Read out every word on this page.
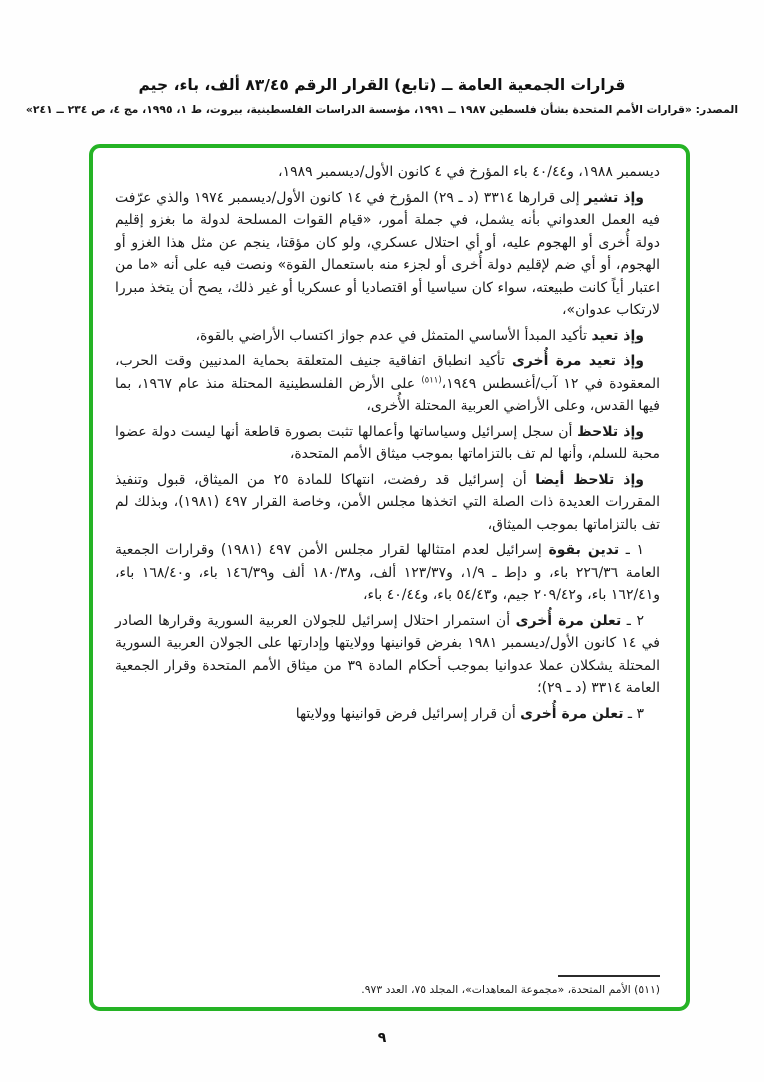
قرارات الجمعية العامة ــ (تابع) القرار الرقم ٨٣/٤٥ ألف، باء، جيم
المصدر: «قرارات الأمم المتحدة بشأن فلسطين ١٩٨٧ ــ ١٩٩١، مؤسسة الدراسات الفلسطينية، بيروت، ط ١، ١٩٩٥، مج ٤، ص ٢٣٤ ــ ٢٤١»

ديسمبر ١٩٨٨، و٤٠/٤٤ باء المؤرخ في ٤ كانون الأول/ديسمبر ١٩٨٩،

وإذ تشير إلى قرارها ٣٣١٤ (د ـ ٢٩) المؤرخ في ١٤ كانون الأول/ديسمبر ١٩٧٤ والذي عرّفت فيه العمل العدواني بأنه يشمل، في جملة أمور، «قيام القوات المسلحة لدولة ما بغزو إقليم دولة أُخرى أو الهجوم عليه، أو أي احتلال عسكري، ولو كان مؤقتا، ينجم عن مثل هذا الغزو أو الهجوم، أو أي ضم لإقليم دولة أُخرى أو لجزء منه باستعمال القوة» ونصت فيه على أنه «ما من اعتبار أياً كانت طبيعته، سواء كان سياسيا أو اقتصاديا أو عسكريا أو غير ذلك، يصح أن يتخذ مبررا لارتكاب عدوان»،

وإذ تعيد تأكيد المبدأ الأساسي المتمثل في عدم جواز اكتساب الأراضي بالقوة،

وإذ تعيد مرة أُخرى تأكيد انطباق اتفاقية جنيف المتعلقة بحماية المدنيين وقت الحرب، المعقودة في ١٢ آب/أغسطس ١٩٤٩،$^{(٥١١)}$ على الأرض الفلسطينية المحتلة منذ عام ١٩٦٧، بما فيها القدس، وعلى الأراضي العربية المحتلة الأُخرى،

وإذ تلاحظ أن سجل إسرائيل وسياساتها وأعمالها تثبت بصورة قاطعة أنها ليست دولة عضوا محبة للسلم، وأنها لم تف بالتزاماتها بموجب ميثاق الأمم المتحدة،

وإذ تلاحظ أيضا أن إسرائيل قد رفضت، انتهاكا للمادة ٢٥ من الميثاق، قبول وتنفيذ المقررات العديدة ذات الصلة التي اتخذها مجلس الأمن، وخاصة القرار ٤٩٧ (١٩٨١)، وبذلك لم تف بالتزاماتها بموجب الميثاق،

١ ـ تدين بقوة إسرائيل لعدم امتثالها لقرار مجلس الأمن ٤٩٧ (١٩٨١) وقرارات الجمعية العامة ٢٢٦/٣٦ باء، و دإط ـ ١/٩، و١٢٣/٣٧ ألف، و١٨٠/٣٨ ألف و١٤٦/٣٩ باء، و١٦٨/٤٠ باء، و١٦٢/٤١ باء، و٢٠٩/٤٢ جيم، و٥٤/٤٣ باء، و٤٠/٤٤ باء،

٢ ـ تعلن مرة أُخرى أن استمرار احتلال إسرائيل للجولان العربية السورية وقرارها الصادر في ١٤ كانون الأول/ديسمبر ١٩٨١ بفرض قوانينها وولايتها وإدارتها على الجولان العربية السورية المحتلة يشكلان عملا عدوانيا بموجب أحكام المادة ٣٩ من ميثاق الأمم المتحدة وقرار الجمعية العامة ٣٣١٤ (د ـ ٢٩)؛

٣ ـ تعلن مرة أُخرى أن قرار إسرائيل فرض قوانينها وولايتها

(٥١١) الأمم المتحدة، «مجموعة المعاهدات»، المجلد ٧٥، العدد ٩٧٣.
٩
